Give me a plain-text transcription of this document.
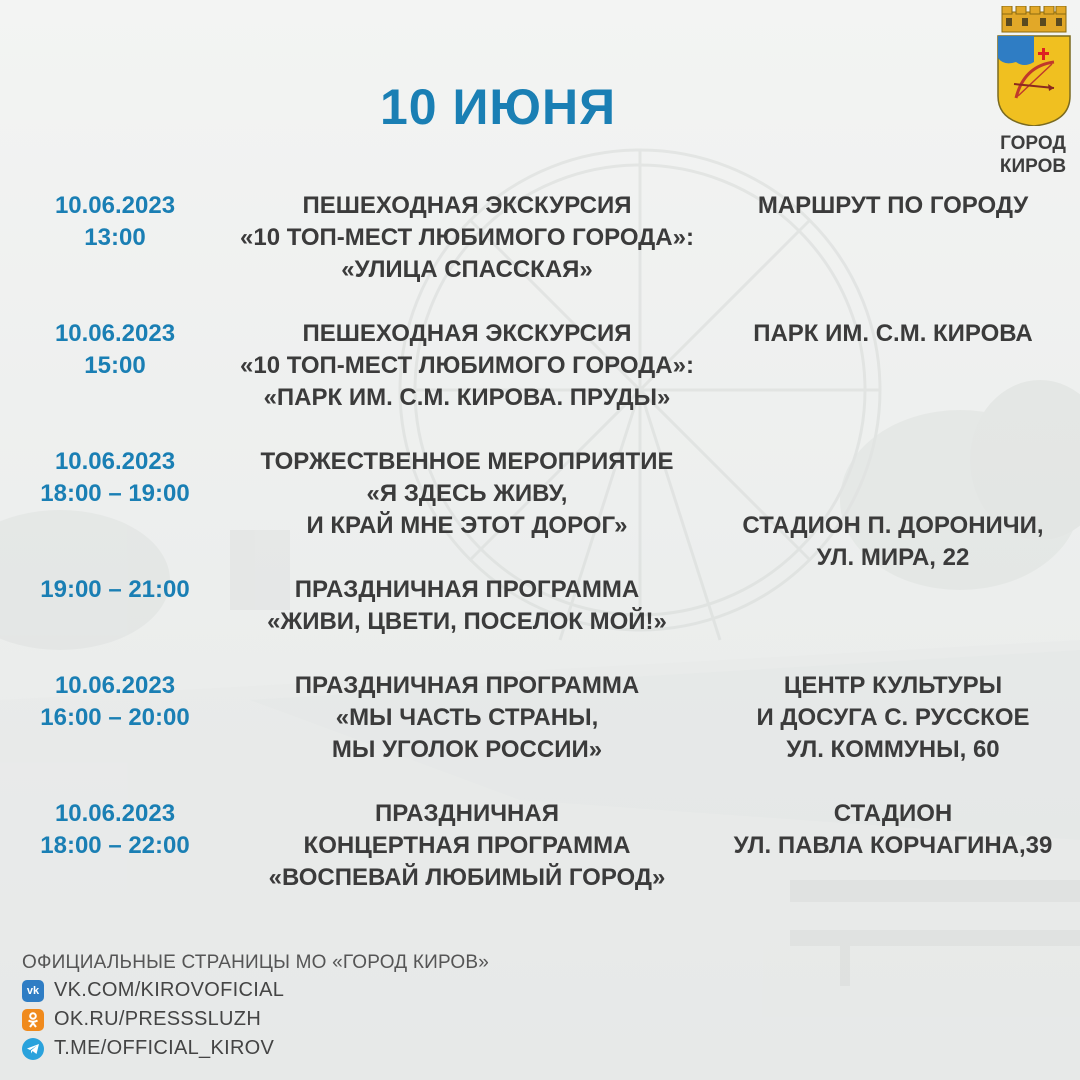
10 ИЮНЯ
ГОРОД
КИРОВ
10.06.2023
13:00
ПЕШЕХОДНАЯ ЭКСКУРСИЯ
«10 ТОП-МЕСТ ЛЮБИМОГО ГОРОДА»:
«УЛИЦА СПАССКАЯ»
МАРШРУТ ПО ГОРОДУ
10.06.2023
15:00
ПЕШЕХОДНАЯ ЭКСКУРСИЯ
«10 ТОП-МЕСТ ЛЮБИМОГО ГОРОДА»:
«ПАРК ИМ. С.М. КИРОВА. ПРУДЫ»
ПАРК ИМ. С.М. КИРОВА
10.06.2023
18:00 – 19:00
ТОРЖЕСТВЕННОЕ МЕРОПРИЯТИЕ
«Я ЗДЕСЬ ЖИВУ,
И КРАЙ МНЕ ЭТОТ ДОРОГ»

	СТАДИОН П. ДОРОНИЧИ,
УЛ. МИРА, 22
19:00 – 21:00	ПРАЗДНИЧНАЯ ПРОГРАММА
«ЖИВИ, ЦВЕТИ, ПОСЕЛОК МОЙ!»
10.06.2023
16:00 – 20:00
ПРАЗДНИЧНАЯ ПРОГРАММА
«МЫ ЧАСТЬ СТРАНЫ,
МЫ УГОЛОК РОССИИ»
ЦЕНТР КУЛЬТУРЫ
И ДОСУГА С. РУССКОЕ
УЛ. КОММУНЫ, 60
10.06.2023
18:00 – 22:00
ПРАЗДНИЧНАЯ
КОНЦЕРТНАЯ ПРОГРАММА
«ВОСПЕВАЙ ЛЮБИМЫЙ ГОРОД»
СТАДИОН
УЛ. ПАВЛА КОРЧАГИНА,39
ОФИЦИАЛЬНЫЕ СТРАНИЦЫ МО «ГОРОД КИРОВ»
vk VK.COM/KIROVOFICIAL
OK.RU/PRESSSLUZH
T.ME/OFFICIAL_KIROV
